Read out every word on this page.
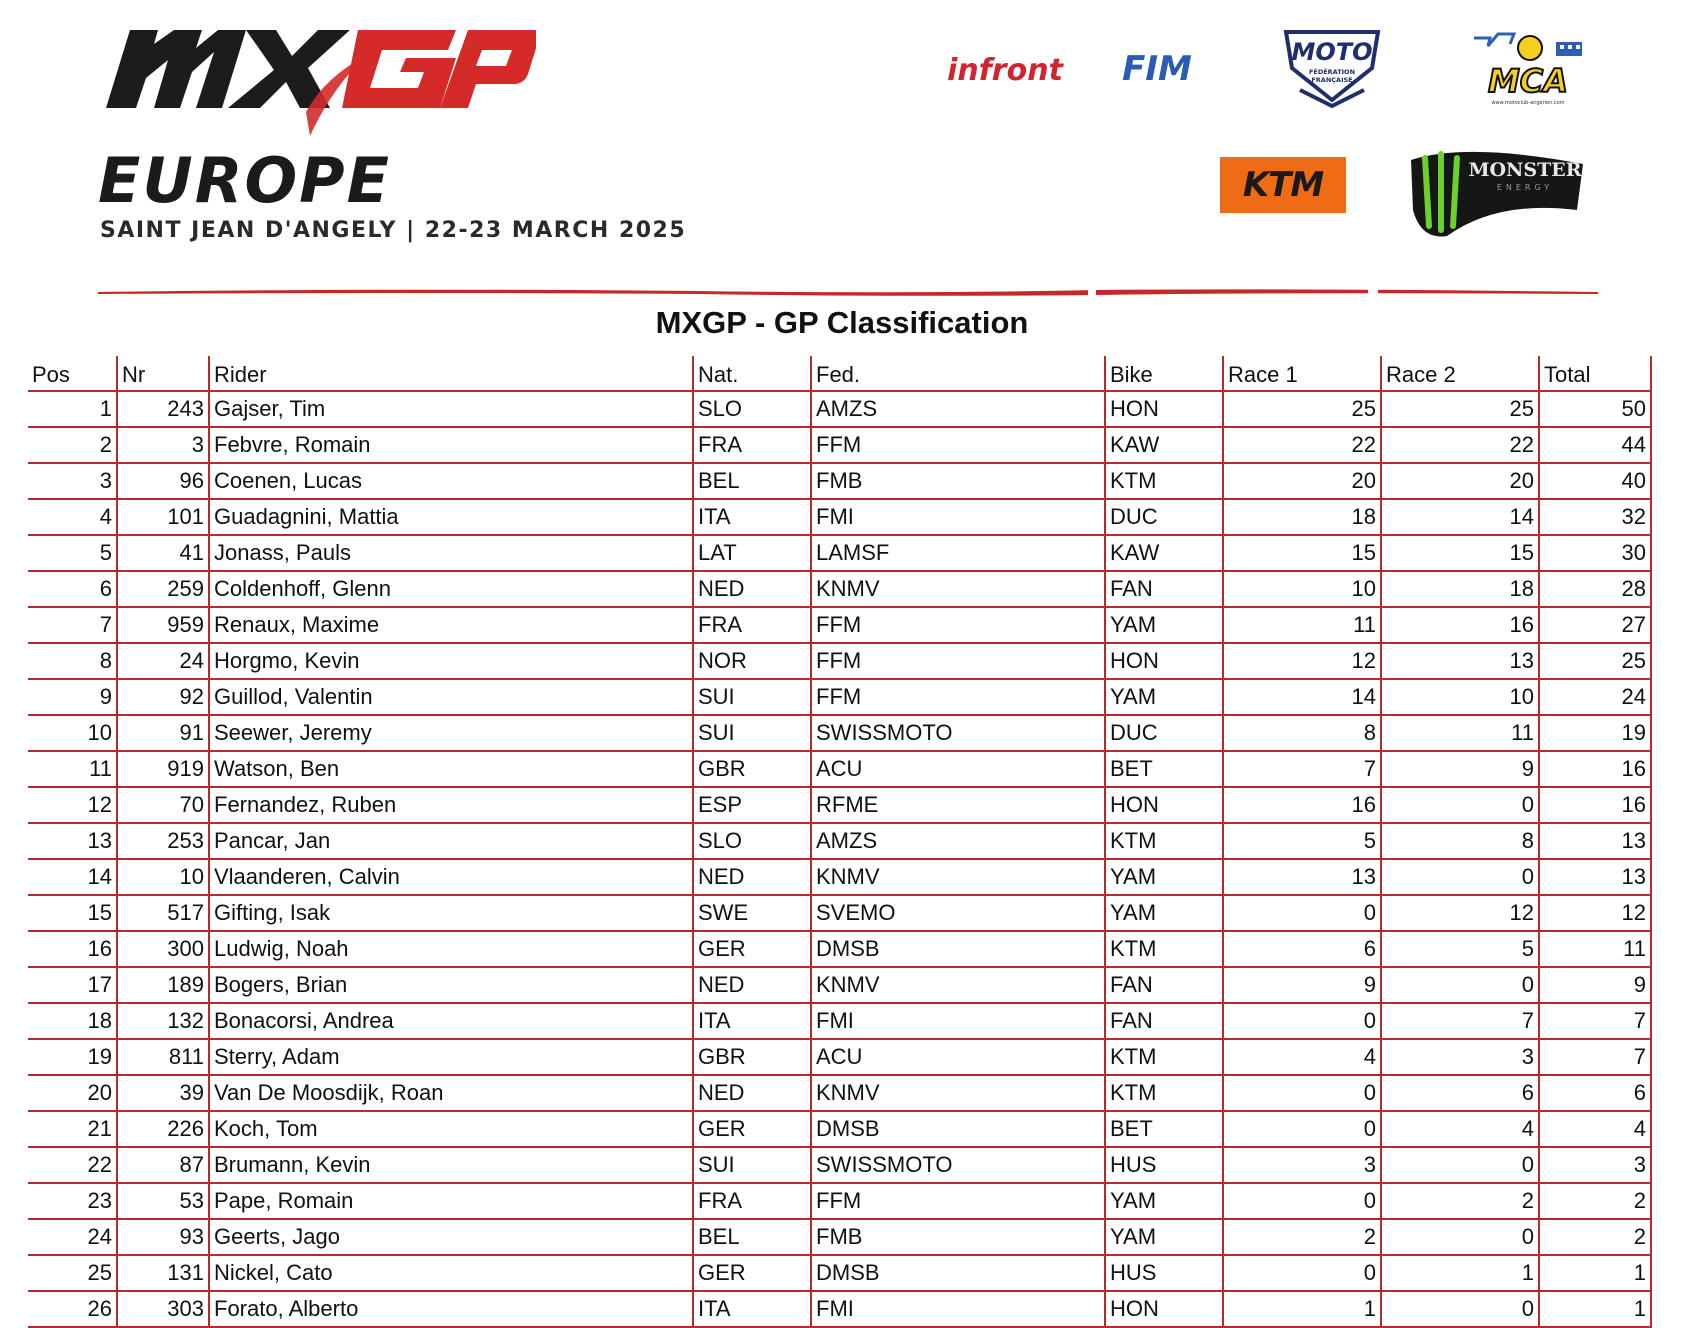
MXGP
EUROPE
SAINT JEAN D'ANGELY | 22-23 MARCH 2025
infront FIM	MOTO
FÉDÉRATION
FRANÇAISE	MCA
www.motoclub-angerien.com
KTM	MONSTER
ENERGY
MXGP - GP Classification
Pos	Nr	Rider	Nat.	Fed.	Bike	Race 1	Race 2	Total
1	243	Gajser, Tim	SLO	AMZS	HON	25	25	50
2	3	Febvre, Romain	FRA	FFM	KAW	22	22	44
3	96	Coenen, Lucas	BEL	FMB	KTM	20	20	40
4	101	Guadagnini, Mattia	ITA	FMI	DUC	18	14	32
5	41	Jonass, Pauls	LAT	LAMSF	KAW	15	15	30
6	259	Coldenhoff, Glenn	NED	KNMV	FAN	10	18	28
7	959	Renaux, Maxime	FRA	FFM	YAM	11	16	27
8	24	Horgmo, Kevin	NOR	FFM	HON	12	13	25
9	92	Guillod, Valentin	SUI	FFM	YAM	14	10	24
10	91	Seewer, Jeremy	SUI	SWISSMOTO	DUC	8	11	19
11	919	Watson, Ben	GBR	ACU	BET	7	9	16
12	70	Fernandez, Ruben	ESP	RFME	HON	16	0	16
13	253	Pancar, Jan	SLO	AMZS	KTM	5	8	13
14	10	Vlaanderen, Calvin	NED	KNMV	YAM	13	0	13
15	517	Gifting, Isak	SWE	SVEMO	YAM	0	12	12
16	300	Ludwig, Noah	GER	DMSB	KTM	6	5	11
17	189	Bogers, Brian	NED	KNMV	FAN	9	0	9
18	132	Bonacorsi, Andrea	ITA	FMI	FAN	0	7	7
19	811	Sterry, Adam	GBR	ACU	KTM	4	3	7
20	39	Van De Moosdijk, Roan	NED	KNMV	KTM	0	6	6
21	226	Koch, Tom	GER	DMSB	BET	0	4	4
22	87	Brumann, Kevin	SUI	SWISSMOTO	HUS	3	0	3
23	53	Pape, Romain	FRA	FFM	YAM	0	2	2
24	93	Geerts, Jago	BEL	FMB	YAM	2	0	2
25	131	Nickel, Cato	GER	DMSB	HUS	0	1	1
26	303	Forato, Alberto	ITA	FMI	HON	1	0	1
